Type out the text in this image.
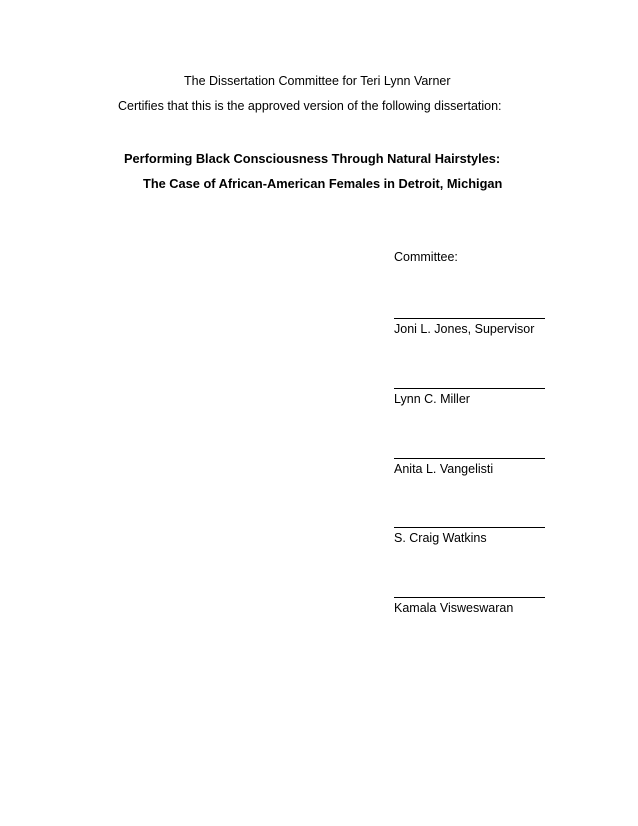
The Dissertation Committee for Teri Lynn Varner
Certifies that this is the approved version of the following dissertation:
Performing Black Consciousness Through Natural Hairstyles:
The Case of African-American Females in Detroit, Michigan
Committee:
Joni L. Jones, Supervisor
Lynn C. Miller
Anita L. Vangelisti
S. Craig Watkins
Kamala Visweswaran
